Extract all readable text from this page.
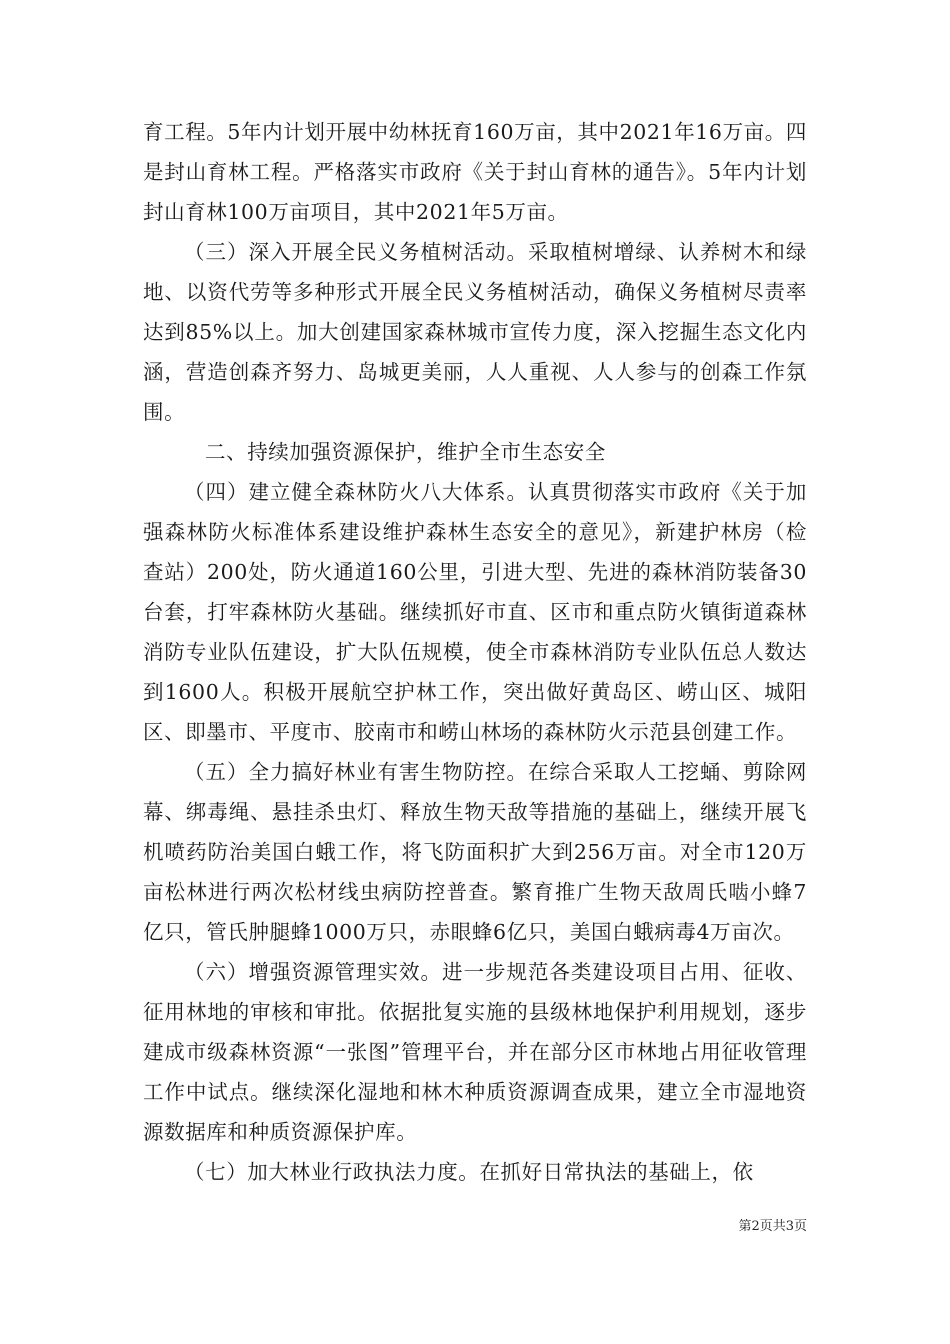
育工程。5年内计划开展中幼林抚育160万亩，其中2021年16万亩。四是封山育林工程。严格落实市政府《关于封山育林的通告》。5年内计划封山育林100万亩项目，其中2021年5万亩。

（三）深入开展全民义务植树活动。采取植树增绿、认养树木和绿地、以资代劳等多种形式开展全民义务植树活动，确保义务植树尽责率达到85%以上。加大创建国家森林城市宣传力度，深入挖掘生态文化内涵，营造创森齐努力、岛城更美丽，人人重视、人人参与的创森工作氛围。

二、持续加强资源保护，维护全市生态安全

（四）建立健全森林防火八大体系。认真贯彻落实市政府《关于加强森林防火标准体系建设维护森林生态安全的意见》，新建护林房（检查站）200处，防火通道160公里，引进大型、先进的森林消防装备30台套，打牢森林防火基础。继续抓好市直、区市和重点防火镇街道森林消防专业队伍建设，扩大队伍规模，使全市森林消防专业队伍总人数达到1600人。积极开展航空护林工作，突出做好黄岛区、崂山区、城阳区、即墨市、平度市、胶南市和崂山林场的森林防火示范县创建工作。

（五）全力搞好林业有害生物防控。在综合采取人工挖蛹、剪除网幕、绑毒绳、悬挂杀虫灯、释放生物天敌等措施的基础上，继续开展飞机喷药防治美国白蛾工作，将飞防面积扩大到256万亩。对全市120万亩松林进行两次松材线虫病防控普查。繁育推广生物天敌周氏啮小蜂7亿只，管氏肿腿蜂1000万只，赤眼蜂6亿只，美国白蛾病毒4万亩次。

（六）增强资源管理实效。进一步规范各类建设项目占用、征收、征用林地的审核和审批。依据批复实施的县级林地保护利用规划，逐步建成市级森林资源“一张图”管理平台，并在部分区市林地占用征收管理工作中试点。继续深化湿地和林木种质资源调查成果，建立全市湿地资源数据库和种质资源保护库。

（七）加大林业行政执法力度。在抓好日常执法的基础上，依

第2页共3页
